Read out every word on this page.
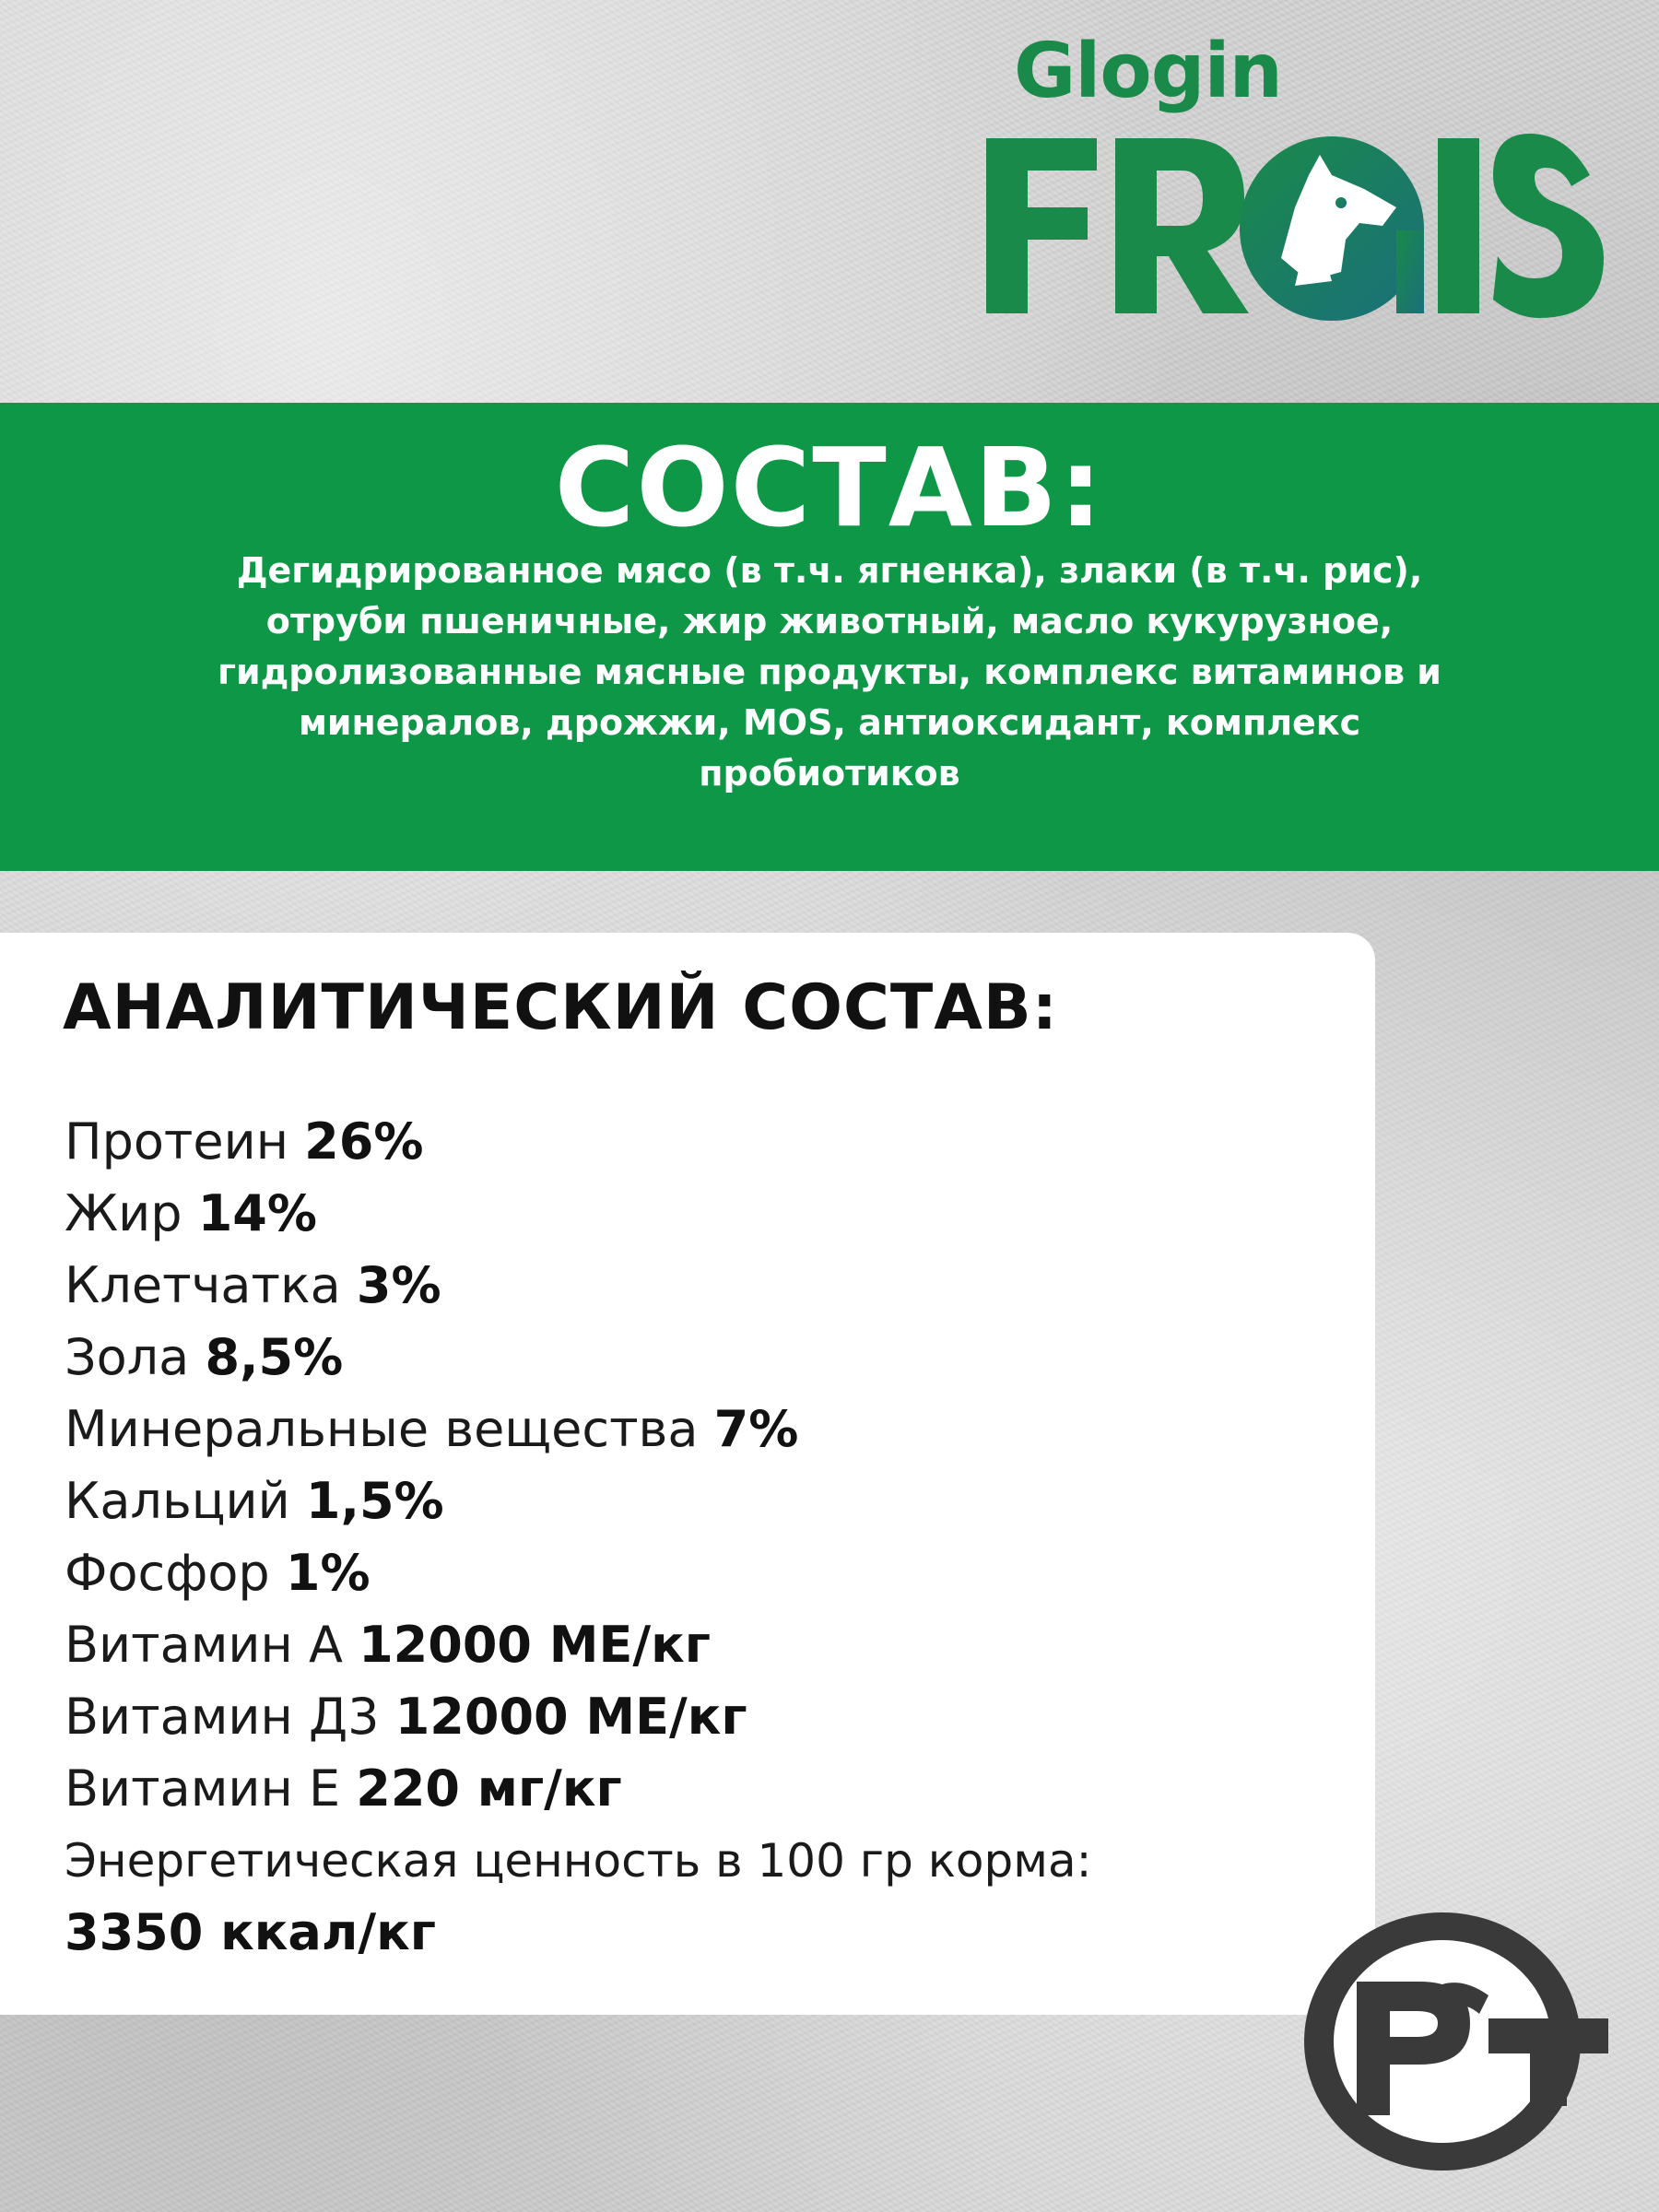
Glogin
СОСТАВ:
Дегидрированное мясо (в т.ч. ягненка), злаки (в т.ч. рис),
отруби пшеничные, жир животный, масло кукурузное,
гидролизованные мясные продукты, комплекс витаминов и
минералов, дрожжи, MOS, антиоксидант, комплекс
пробиотиков
АНАЛИТИЧЕСКИЙ СОСТАВ:
Протеин 26%
Жир 14%
Клетчатка 3%
Зола 8,5%
Минеральные вещества 7%
Кальций 1,5%
Фосфор 1%
Витамин А 12000 МЕ/кг
Витамин Д3 12000 МЕ/кг
Витамин Е 220 мг/кг
Энергетическая ценность в 100 гр корма:
3350 ккал/кг
